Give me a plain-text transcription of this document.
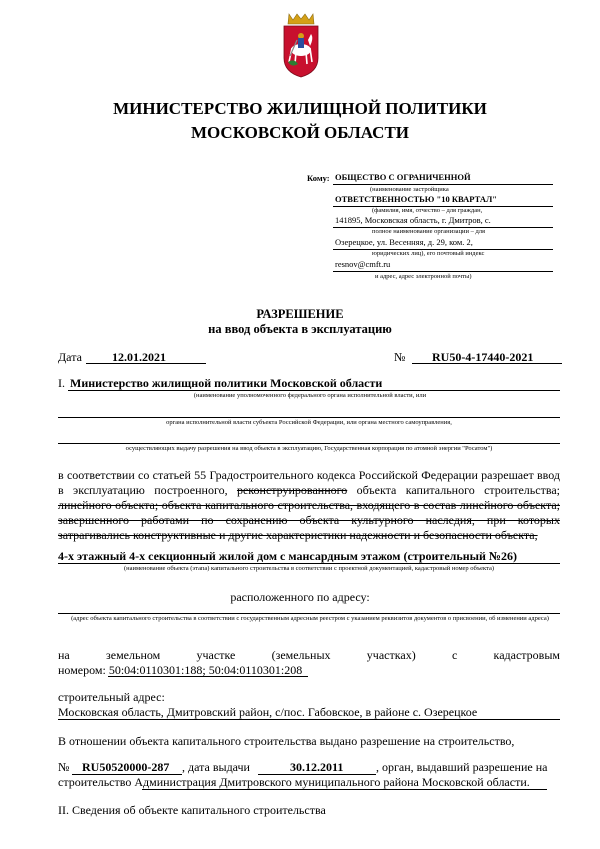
МИНИСТЕРСТВО ЖИЛИЩНОЙ ПОЛИТИКИ
МОСКОВСКОЙ ОБЛАСТИ
Кому: ОБЩЕСТВО С ОГРАНИЧЕННОЙ
(наименование застройщика
ОТВЕТСТВЕННОСТЬЮ "10 КВАРТАЛ"
(фамилия, имя, отчество – для граждан,
141895, Московская область, г. Дмитров, с.
полное наименование организации – для
Озерецкое, ул. Весенняя, д. 29, ком. 2,
юридических лиц), его почтовый индекс
resnov@cmft.ru
и адрес, адрес электронной почты)
РАЗРЕШЕНИЕ
на ввод объекта в эксплуатацию
Дата	12.01.2021	№ RU50-4-17440-2021
I. Министерство жилищной политики Московской области
(наименование уполномоченного федерального органа исполнительной власти, или
органа исполнительной власти субъекта Российской Федерации, или органа местного самоуправления,
осуществляющих выдачу разрешения на ввод объекта в эксплуатацию, Государственная корпорация по атомной энергии "Росатом")
в соответствии со статьей 55 Градостроительного кодекса Российской Федерации разрешает ввод в эксплуатацию построенного, реконструированного объекта капитального строительства; линейного объекта; объекта капитального строительства, входящего в состав линейного объекта; завершенного работами по сохранению объекта культурного наследия, при которых затрагивались конструктивные и другие характеристики надежности и безопасности объекта,
4-х этажный 4-х секционный жилой дом с мансардным этажом (строительный №26)
(наименование объекта (этапа) капитального строительства в соответствии с проектной документацией, кадастровый номер объекта)
расположенного по адресу:
(адрес объекта капитального строительства в соответствии с государственным адресным реестром с указанием реквизитов документов о присвоении, об изменении адреса)
на	земельном	участке	(земельных	участках)	с	кадастровым
номером: 50:04:0110301:188; 50:04:0110301:208
строительный адрес:
Московская область, Дмитровский район, с/пос. Габовское, в районе с. Озерецкое
В отношении объекта капитального строительства выдано разрешение на строительство,
№ RU50520000-287 , дата выдачи	30.12.2011	, орган, выдавший разрешение на
строительство Администрация Дмитровского муниципального района Московской области.
II. Сведения об объекте капитального строительства
